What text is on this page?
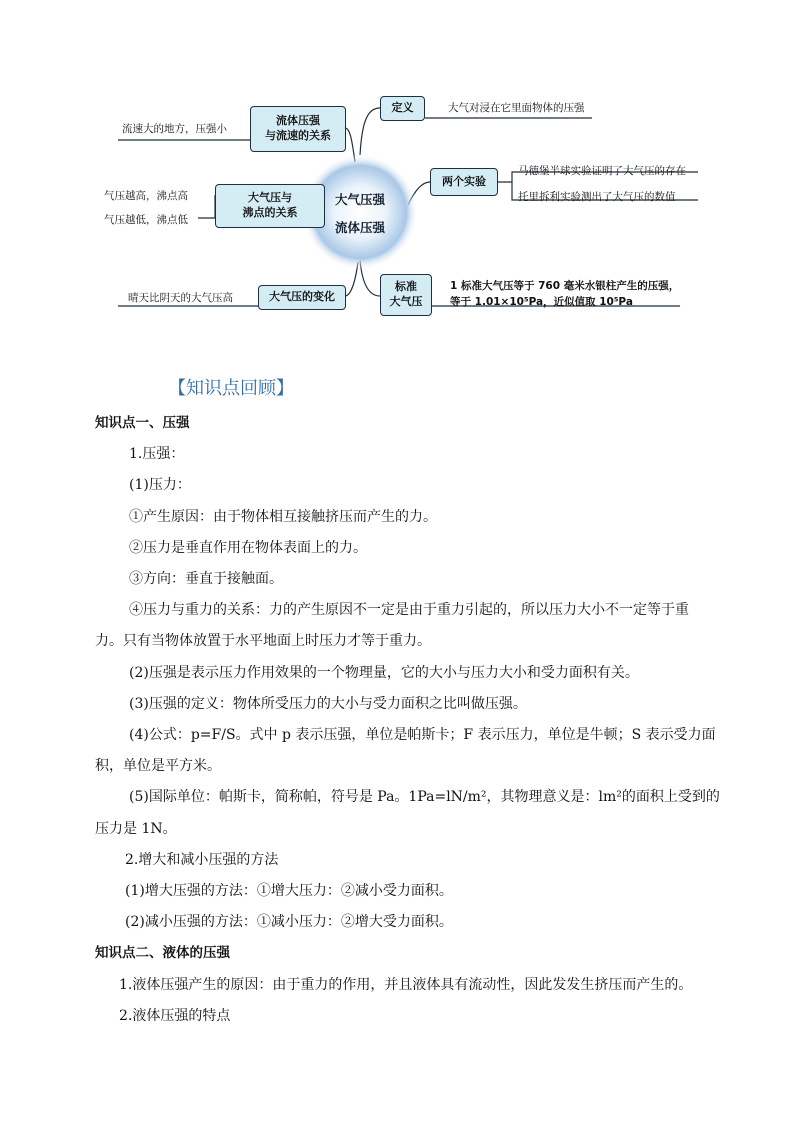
大气压强
流体压强
流体压强
与流速的关系
大气压与
沸点的关系
大气压的变化
定义
两个实验
标准
大气压
流速大的地方，压强小
气压越高，沸点高
气压越低，沸点低
晴天比阴天的大气压高
大气对浸在它里面物体的压强
马德堡半球实验证明了大气压的存在
托里拆利实验测出了大气压的数值
1 标准大气压等于 760 毫米水银柱产生的压强，
等于 1.01×10⁵Pa，近似值取 10⁵Pa
【知识点回顾】
知识点一、压强
1.压强：
(1)压力：
①产生原因：由于物体相互接触挤压而产生的力。
②压力是垂直作用在物体表面上的力。
③方向：垂直于接触面。
④压力与重力的关系：力的产生原因不一定是由于重力引起的，所以压力大小不一定等于重
力。只有当物体放置于水平地面上时压力才等于重力。
(2)压强是表示压力作用效果的一个物理量，它的大小与压力大小和受力面积有关。
(3)压强的定义：物体所受压力的大小与受力面积之比叫做压强。
(4)公式：p=F/S。式中 p 表示压强，单位是帕斯卡；F 表示压力，单位是牛顿；S 表示受力面
积，单位是平方米。
(5)国际单位：帕斯卡，简称帕，符号是 Pa。1Pa=lN/m²，其物理意义是：lm²的面积上受到的
压力是 1N。
2.增大和减小压强的方法
(1)增大压强的方法：①增大压力：②减小受力面积。
(2)减小压强的方法：①减小压力：②增大受力面积。
知识点二、液体的压强
1.液体压强产生的原因：由于重力的作用，并且液体具有流动性，因此发发生挤压而产生的。
2.液体压强的特点
